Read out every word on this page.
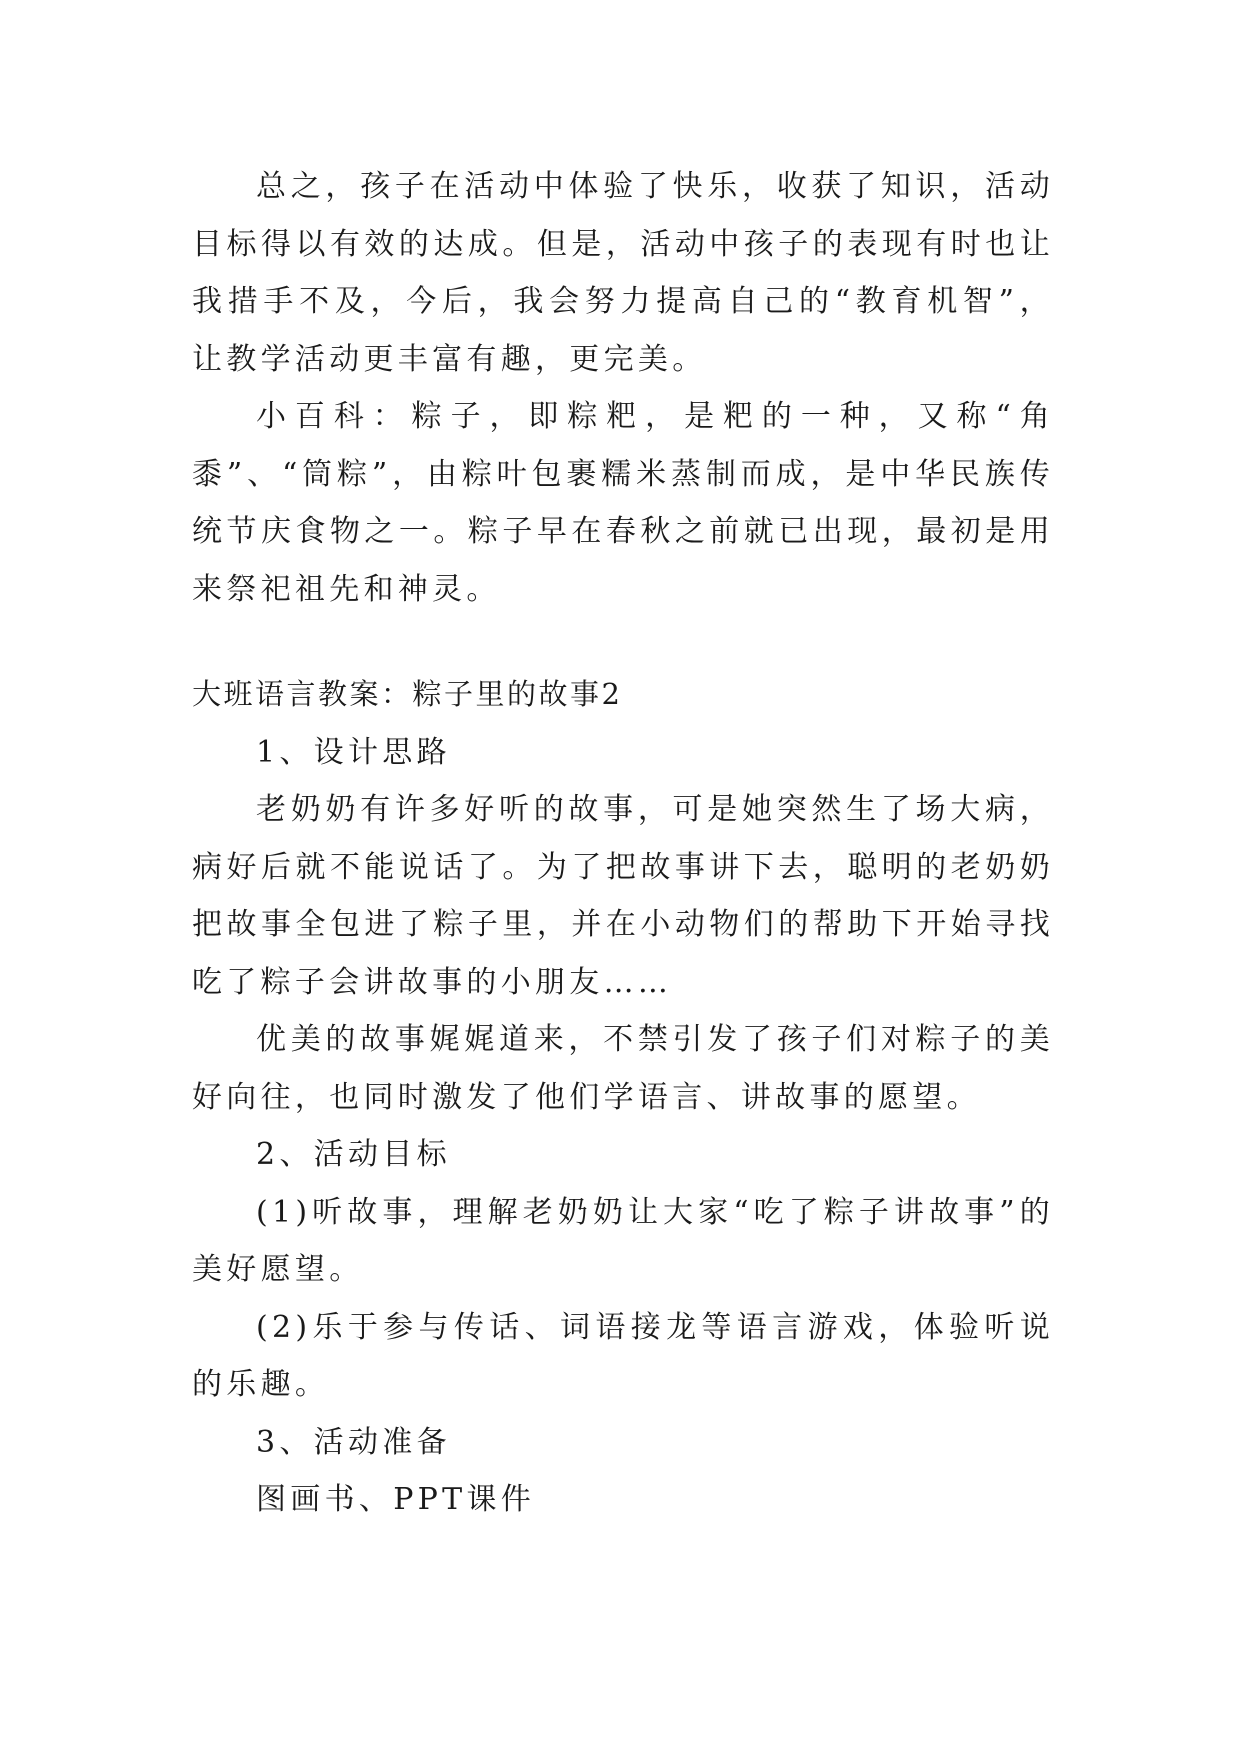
总之，孩子在活动中体验了快乐，收获了知识，活动目标得以有效的达成。但是，活动中孩子的表现有时也让我措手不及，今后，我会努力提高自己的“教育机智”，让教学活动更丰富有趣，更完美。

小百科：粽子，即粽粑，是粑的一种，又称“角黍”、“筒粽”，由粽叶包裹糯米蒸制而成，是中华民族传统节庆食物之一。粽子早在春秋之前就已出现，最初是用来祭祀祖先和神灵。

大班语言教案：粽子里的故事2

1、设计思路

老奶奶有许多好听的故事，可是她突然生了场大病，病好后就不能说话了。为了把故事讲下去，聪明的老奶奶把故事全包进了粽子里，并在小动物们的帮助下开始寻找吃了粽子会讲故事的小朋友……

优美的故事娓娓道来，不禁引发了孩子们对粽子的美好向往，也同时激发了他们学语言、讲故事的愿望。

2、活动目标

(1)听故事，理解老奶奶让大家“吃了粽子讲故事”的美好愿望。

(2)乐于参与传话、词语接龙等语言游戏，体验听说的乐趣。

3、活动准备

图画书、PPT课件
